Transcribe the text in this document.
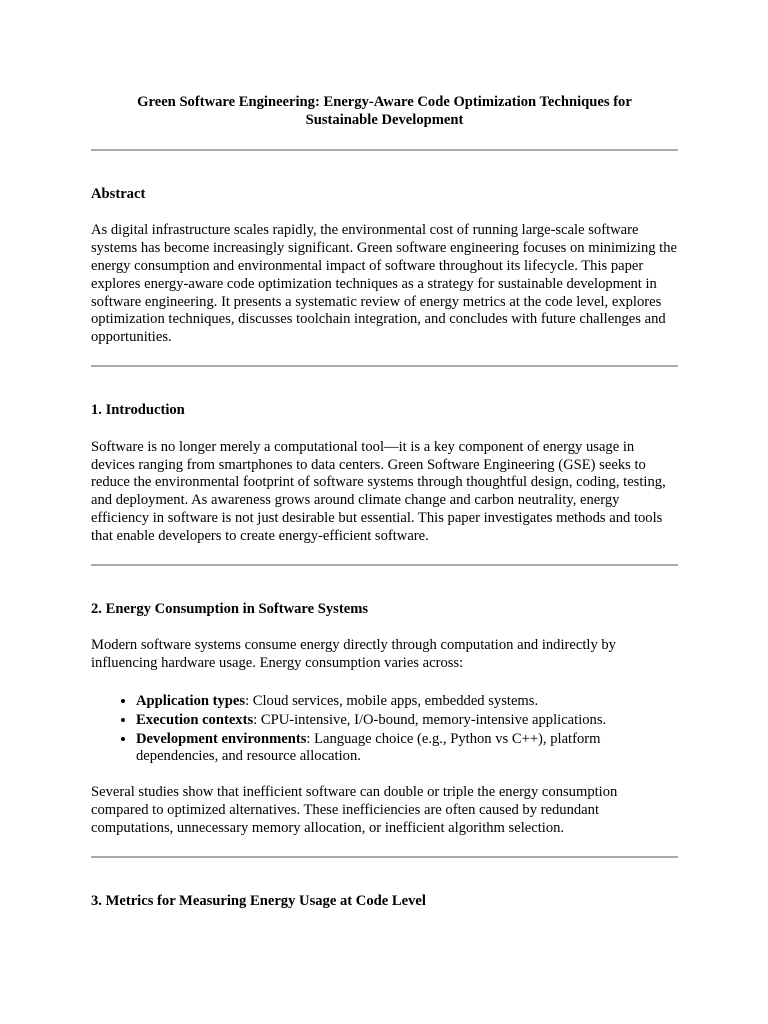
Green Software Engineering: Energy-Aware Code Optimization Techniques for Sustainable Development

Abstract

As digital infrastructure scales rapidly, the environmental cost of running large-scale software systems has become increasingly significant. Green software engineering focuses on minimizing the energy consumption and environmental impact of software throughout its lifecycle. This paper explores energy-aware code optimization techniques as a strategy for sustainable development in software engineering. It presents a systematic review of energy metrics at the code level, explores optimization techniques, discusses toolchain integration, and concludes with future challenges and opportunities.

1. Introduction

Software is no longer merely a computational tool—it is a key component of energy usage in devices ranging from smartphones to data centers. Green Software Engineering (GSE) seeks to reduce the environmental footprint of software systems through thoughtful design, coding, testing, and deployment. As awareness grows around climate change and carbon neutrality, energy efficiency in software is not just desirable but essential. This paper investigates methods and tools that enable developers to create energy-efficient software.

2. Energy Consumption in Software Systems

Modern software systems consume energy directly through computation and indirectly by influencing hardware usage. Energy consumption varies across:

• Application types: Cloud services, mobile apps, embedded systems.
• Execution contexts: CPU-intensive, I/O-bound, memory-intensive applications.
• Development environments: Language choice (e.g., Python vs C++), platform dependencies, and resource allocation.

Several studies show that inefficient software can double or triple the energy consumption compared to optimized alternatives. These inefficiencies are often caused by redundant computations, unnecessary memory allocation, or inefficient algorithm selection.

3. Metrics for Measuring Energy Usage at Code Level
